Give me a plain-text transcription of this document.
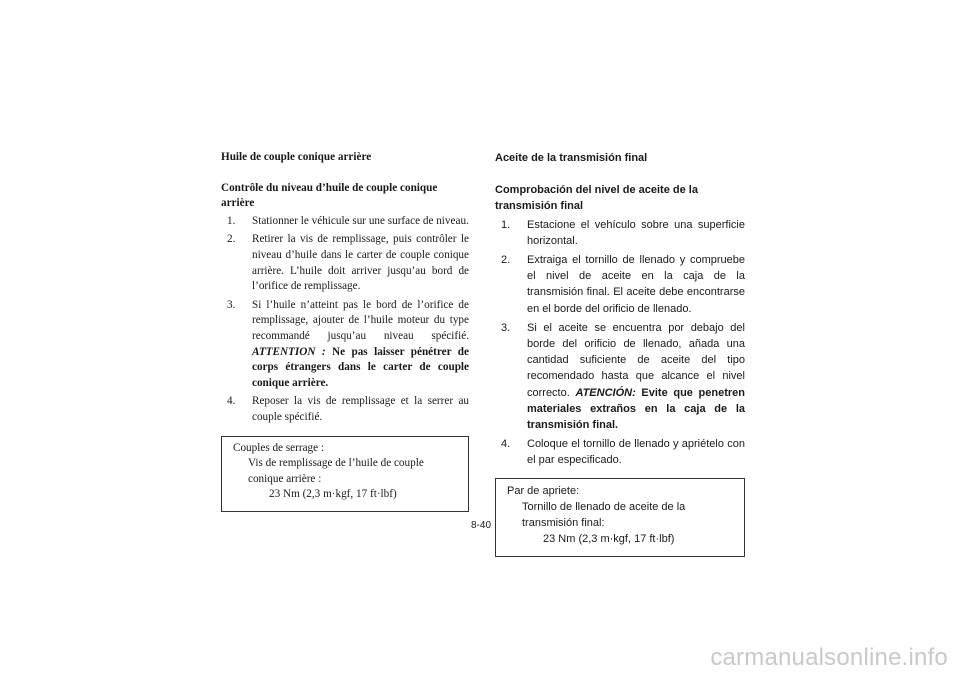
Huile de couple conique arrière
Contrôle du niveau d’huile de couple conique arrière
1. Stationner le véhicule sur une surface de niveau.
2. Retirer la vis de remplissage, puis contrôler le niveau d’huile dans le carter de couple conique arrière. L’huile doit arriver jusqu’au bord de l’orifice de remplissage.
3. Si l’huile n’atteint pas le bord de l’orifice de remplissage, ajouter de l’huile moteur du type recommandé jusqu’au niveau spécifié. ATTENTION : Ne pas laisser pénétrer de corps étrangers dans le carter de couple conique arrière.
4. Reposer la vis de remplissage et la serrer au couple spécifié.
Couples de serrage :
Vis de remplissage de l’huile de couple conique arrière :
23 Nm (2,3 m·kgf, 17 ft·lbf)
Aceite de la transmisión final
Comprobación del nivel de aceite de la transmisión final
1. Estacione el vehículo sobre una superficie horizontal.
2. Extraiga el tornillo de llenado y compruebe el nivel de aceite en la caja de la transmisión final. El aceite debe encontrarse en el borde del orificio de llenado.
3. Si el aceite se encuentra por debajo del borde del orificio de llenado, añada una cantidad suficiente de aceite del tipo recomendado hasta que alcance el nivel correcto. ATENCIÓN: Evite que penetren materiales extraños en la caja de la transmisión final.
4. Coloque el tornillo de llenado y apriételo con el par especificado.
Par de apriete:
Tornillo de llenado de aceite de la transmisión final:
23 Nm (2,3 m·kgf, 17 ft·lbf)
8-40
carmanualsonline.info
